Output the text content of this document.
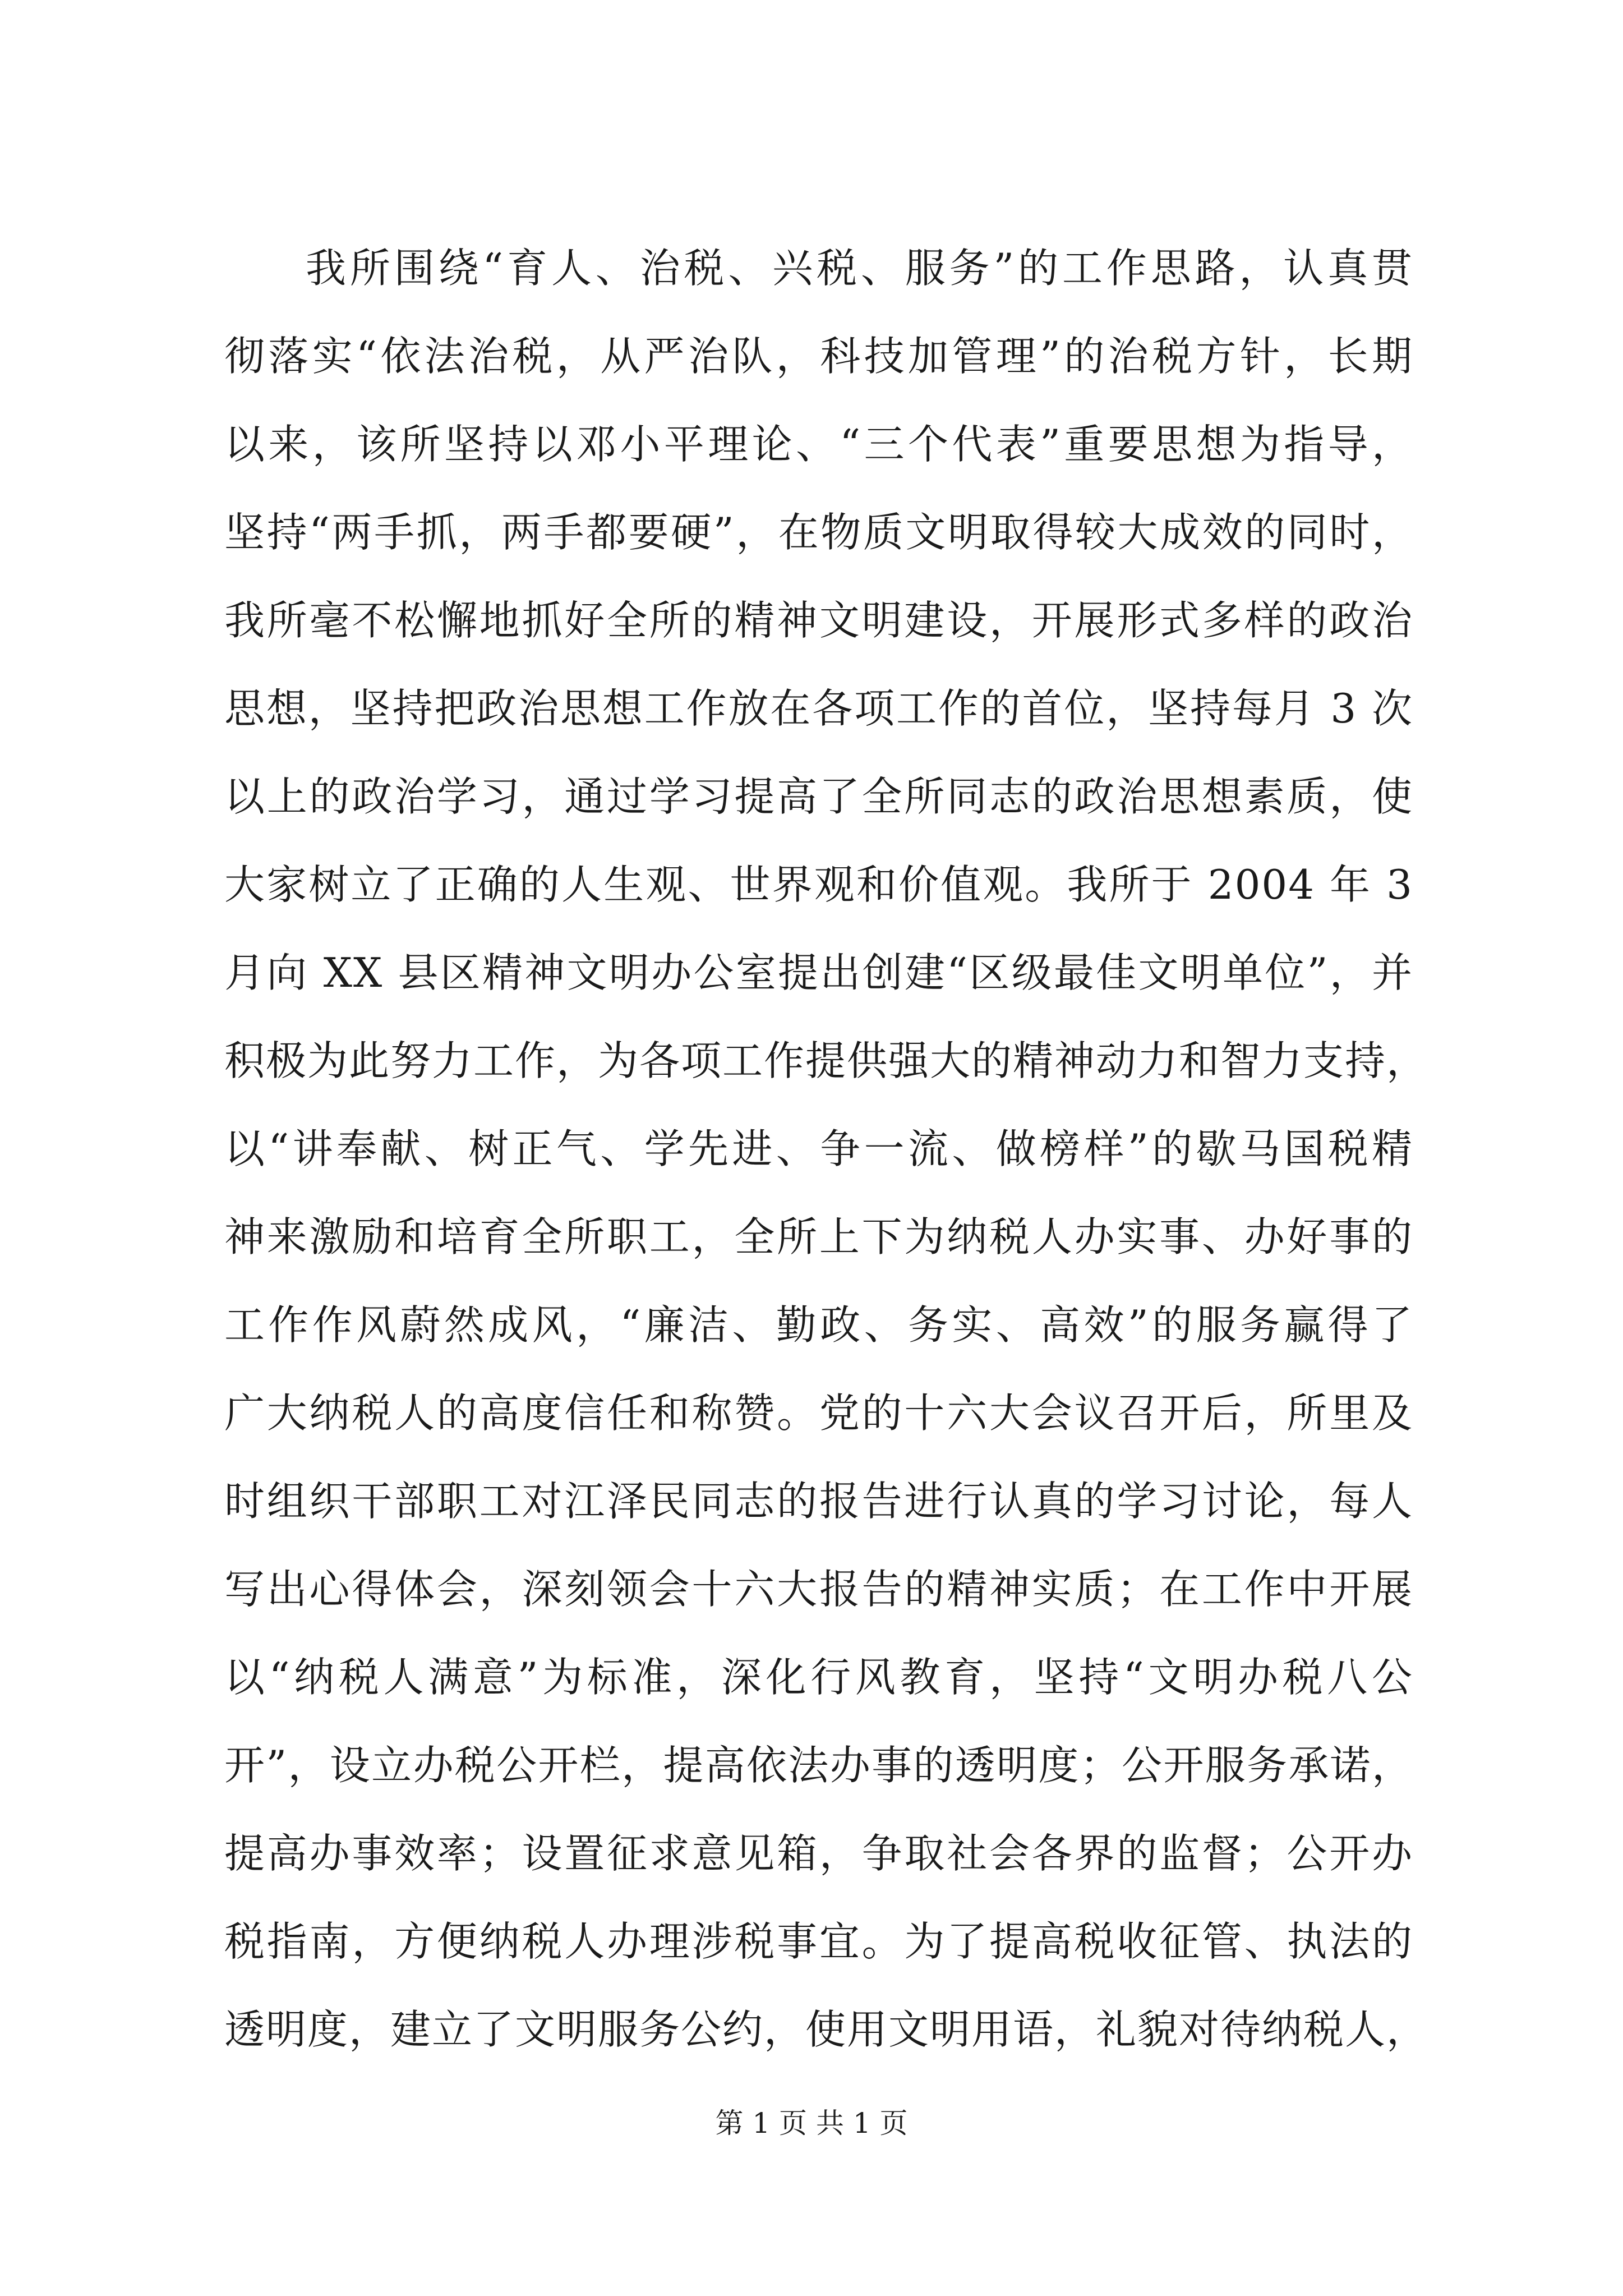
我所围绕“育人、治税、兴税、服务”的工作思路，认真贯
彻落实“依法治税，从严治队，科技加管理”的治税方针，长期
以来，该所坚持以邓小平理论、“三个代表”重要思想为指导，
坚持“两手抓，两手都要硬”，在物质文明取得较大成效的同时，
我所毫不松懈地抓好全所的精神文明建设，开展形式多样的政治
思想，坚持把政治思想工作放在各项工作的首位，坚持每月 3 次
以上的政治学习，通过学习提高了全所同志的政治思想素质，使
大家树立了正确的人生观、世界观和价值观。我所于 2004 年 3
月向 XX 县区精神文明办公室提出创建“区级最佳文明单位”，并
积极为此努力工作，为各项工作提供强大的精神动力和智力支持，
以“讲奉献、树正气、学先进、争一流、做榜样”的歇马国税精
神来激励和培育全所职工，全所上下为纳税人办实事、办好事的
工作作风蔚然成风，“廉洁、勤政、务实、高效”的服务赢得了
广大纳税人的高度信任和称赞。党的十六大会议召开后，所里及
时组织干部职工对江泽民同志的报告进行认真的学习讨论，每人
写出心得体会，深刻领会十六大报告的精神实质；在工作中开展
以“纳税人满意”为标准，深化行风教育，坚持“文明办税八公
开”，设立办税公开栏，提高依法办事的透明度；公开服务承诺，
提高办事效率；设置征求意见箱，争取社会各界的监督；公开办
税指南，方便纳税人办理涉税事宜。为了提高税收征管、执法的
透明度，建立了文明服务公约，使用文明用语，礼貌对待纳税人，
第 1 页 共 1 页
